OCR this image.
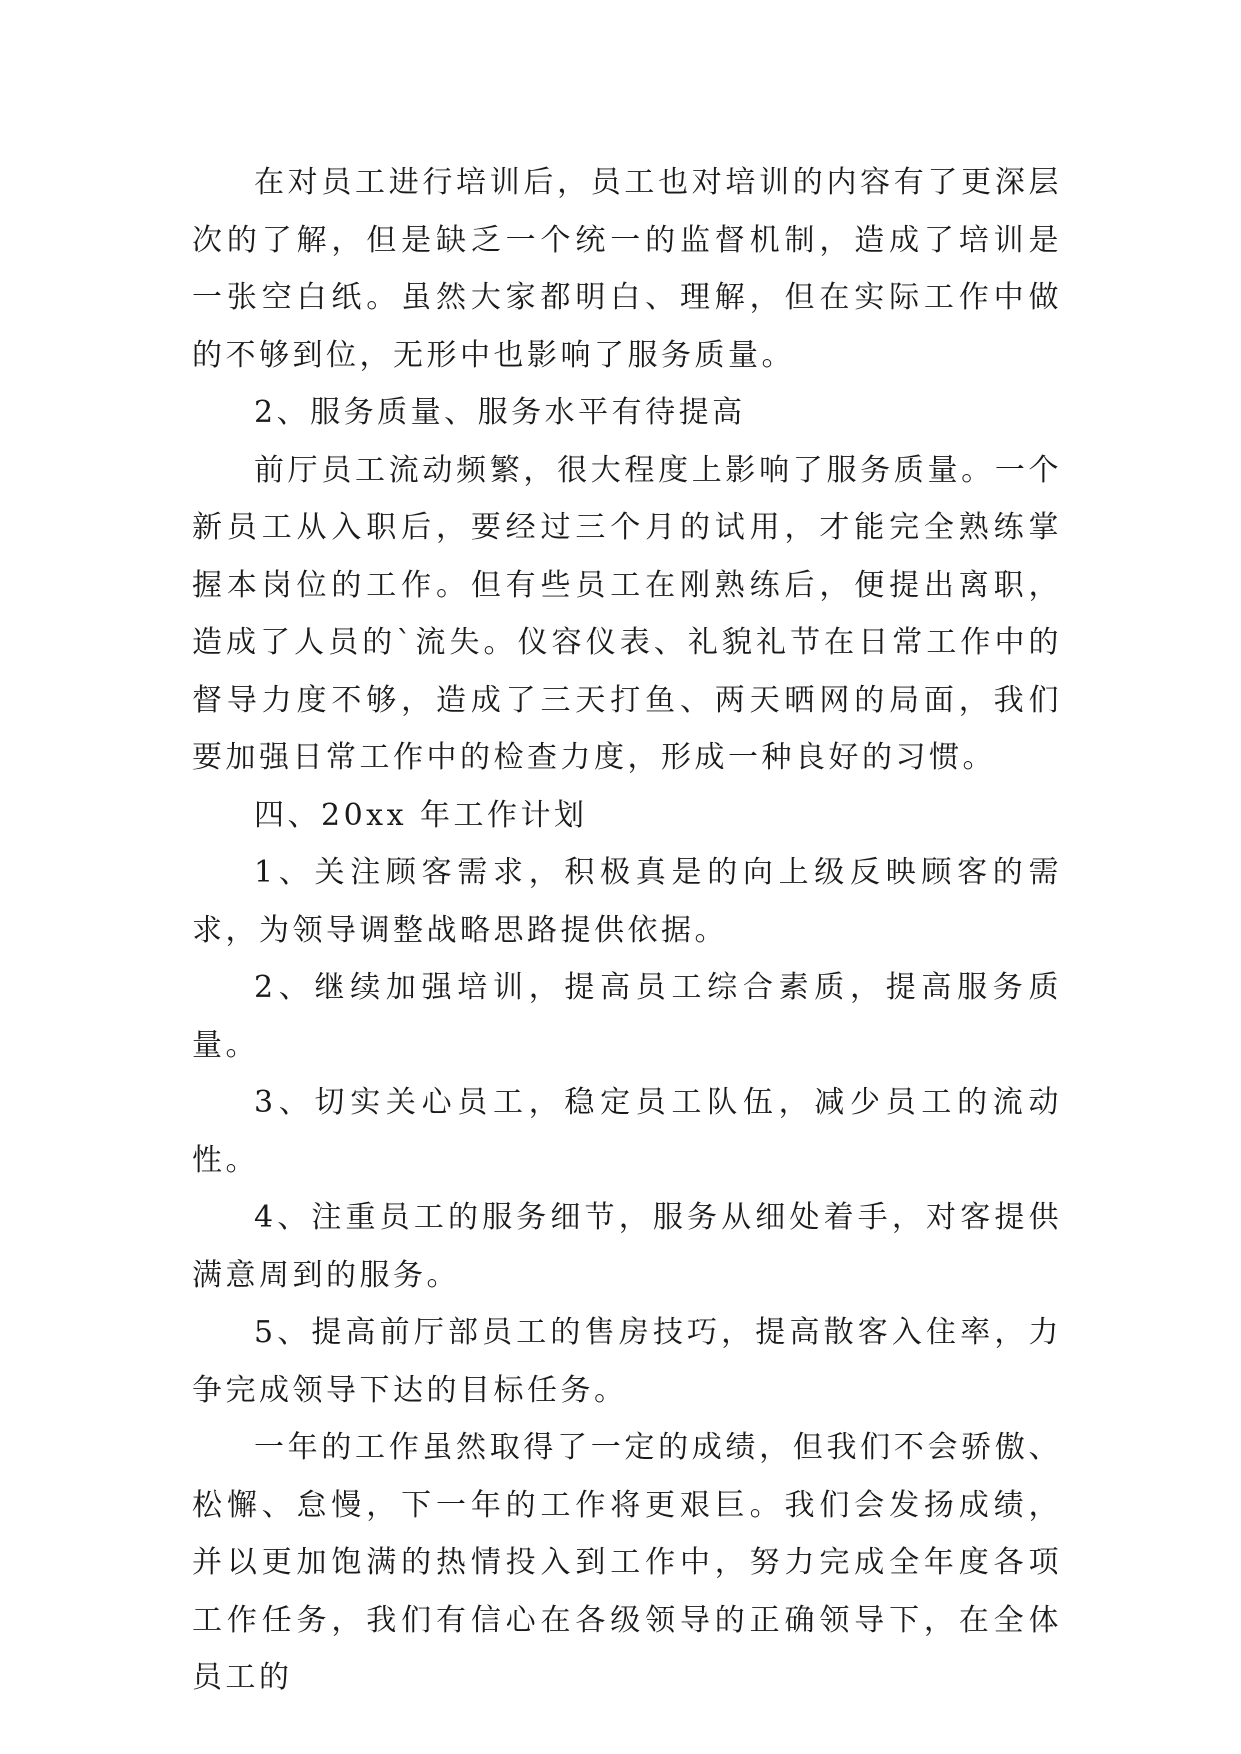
在对员工进行培训后，员工也对培训的内容有了更深层次的了解，但是缺乏一个统一的监督机制，造成了培训是一张空白纸。虽然大家都明白、理解，但在实际工作中做的不够到位，无形中也影响了服务质量。

2、服务质量、服务水平有待提高

前厅员工流动频繁，很大程度上影响了服务质量。一个新员工从入职后，要经过三个月的试用，才能完全熟练掌握本岗位的工作。但有些员工在刚熟练后，便提出离职，造成了人员的`流失。仪容仪表、礼貌礼节在日常工作中的督导力度不够，造成了三天打鱼、两天晒网的局面，我们要加强日常工作中的检查力度，形成一种良好的习惯。

四、20xx 年工作计划

1、关注顾客需求，积极真是的向上级反映顾客的需求，为领导调整战略思路提供依据。

2、继续加强培训，提高员工综合素质，提高服务质量。

3、切实关心员工，稳定员工队伍，减少员工的流动性。

4、注重员工的服务细节，服务从细处着手，对客提供满意周到的服务。

5、提高前厅部员工的售房技巧，提高散客入住率，力争完成领导下达的目标任务。

一年的工作虽然取得了一定的成绩，但我们不会骄傲、松懈、怠慢，下一年的工作将更艰巨。我们会发扬成绩，并以更加饱满的热情投入到工作中，努力完成全年度各项工作任务，我们有信心在各级领导的正确领导下，在全体员工的
